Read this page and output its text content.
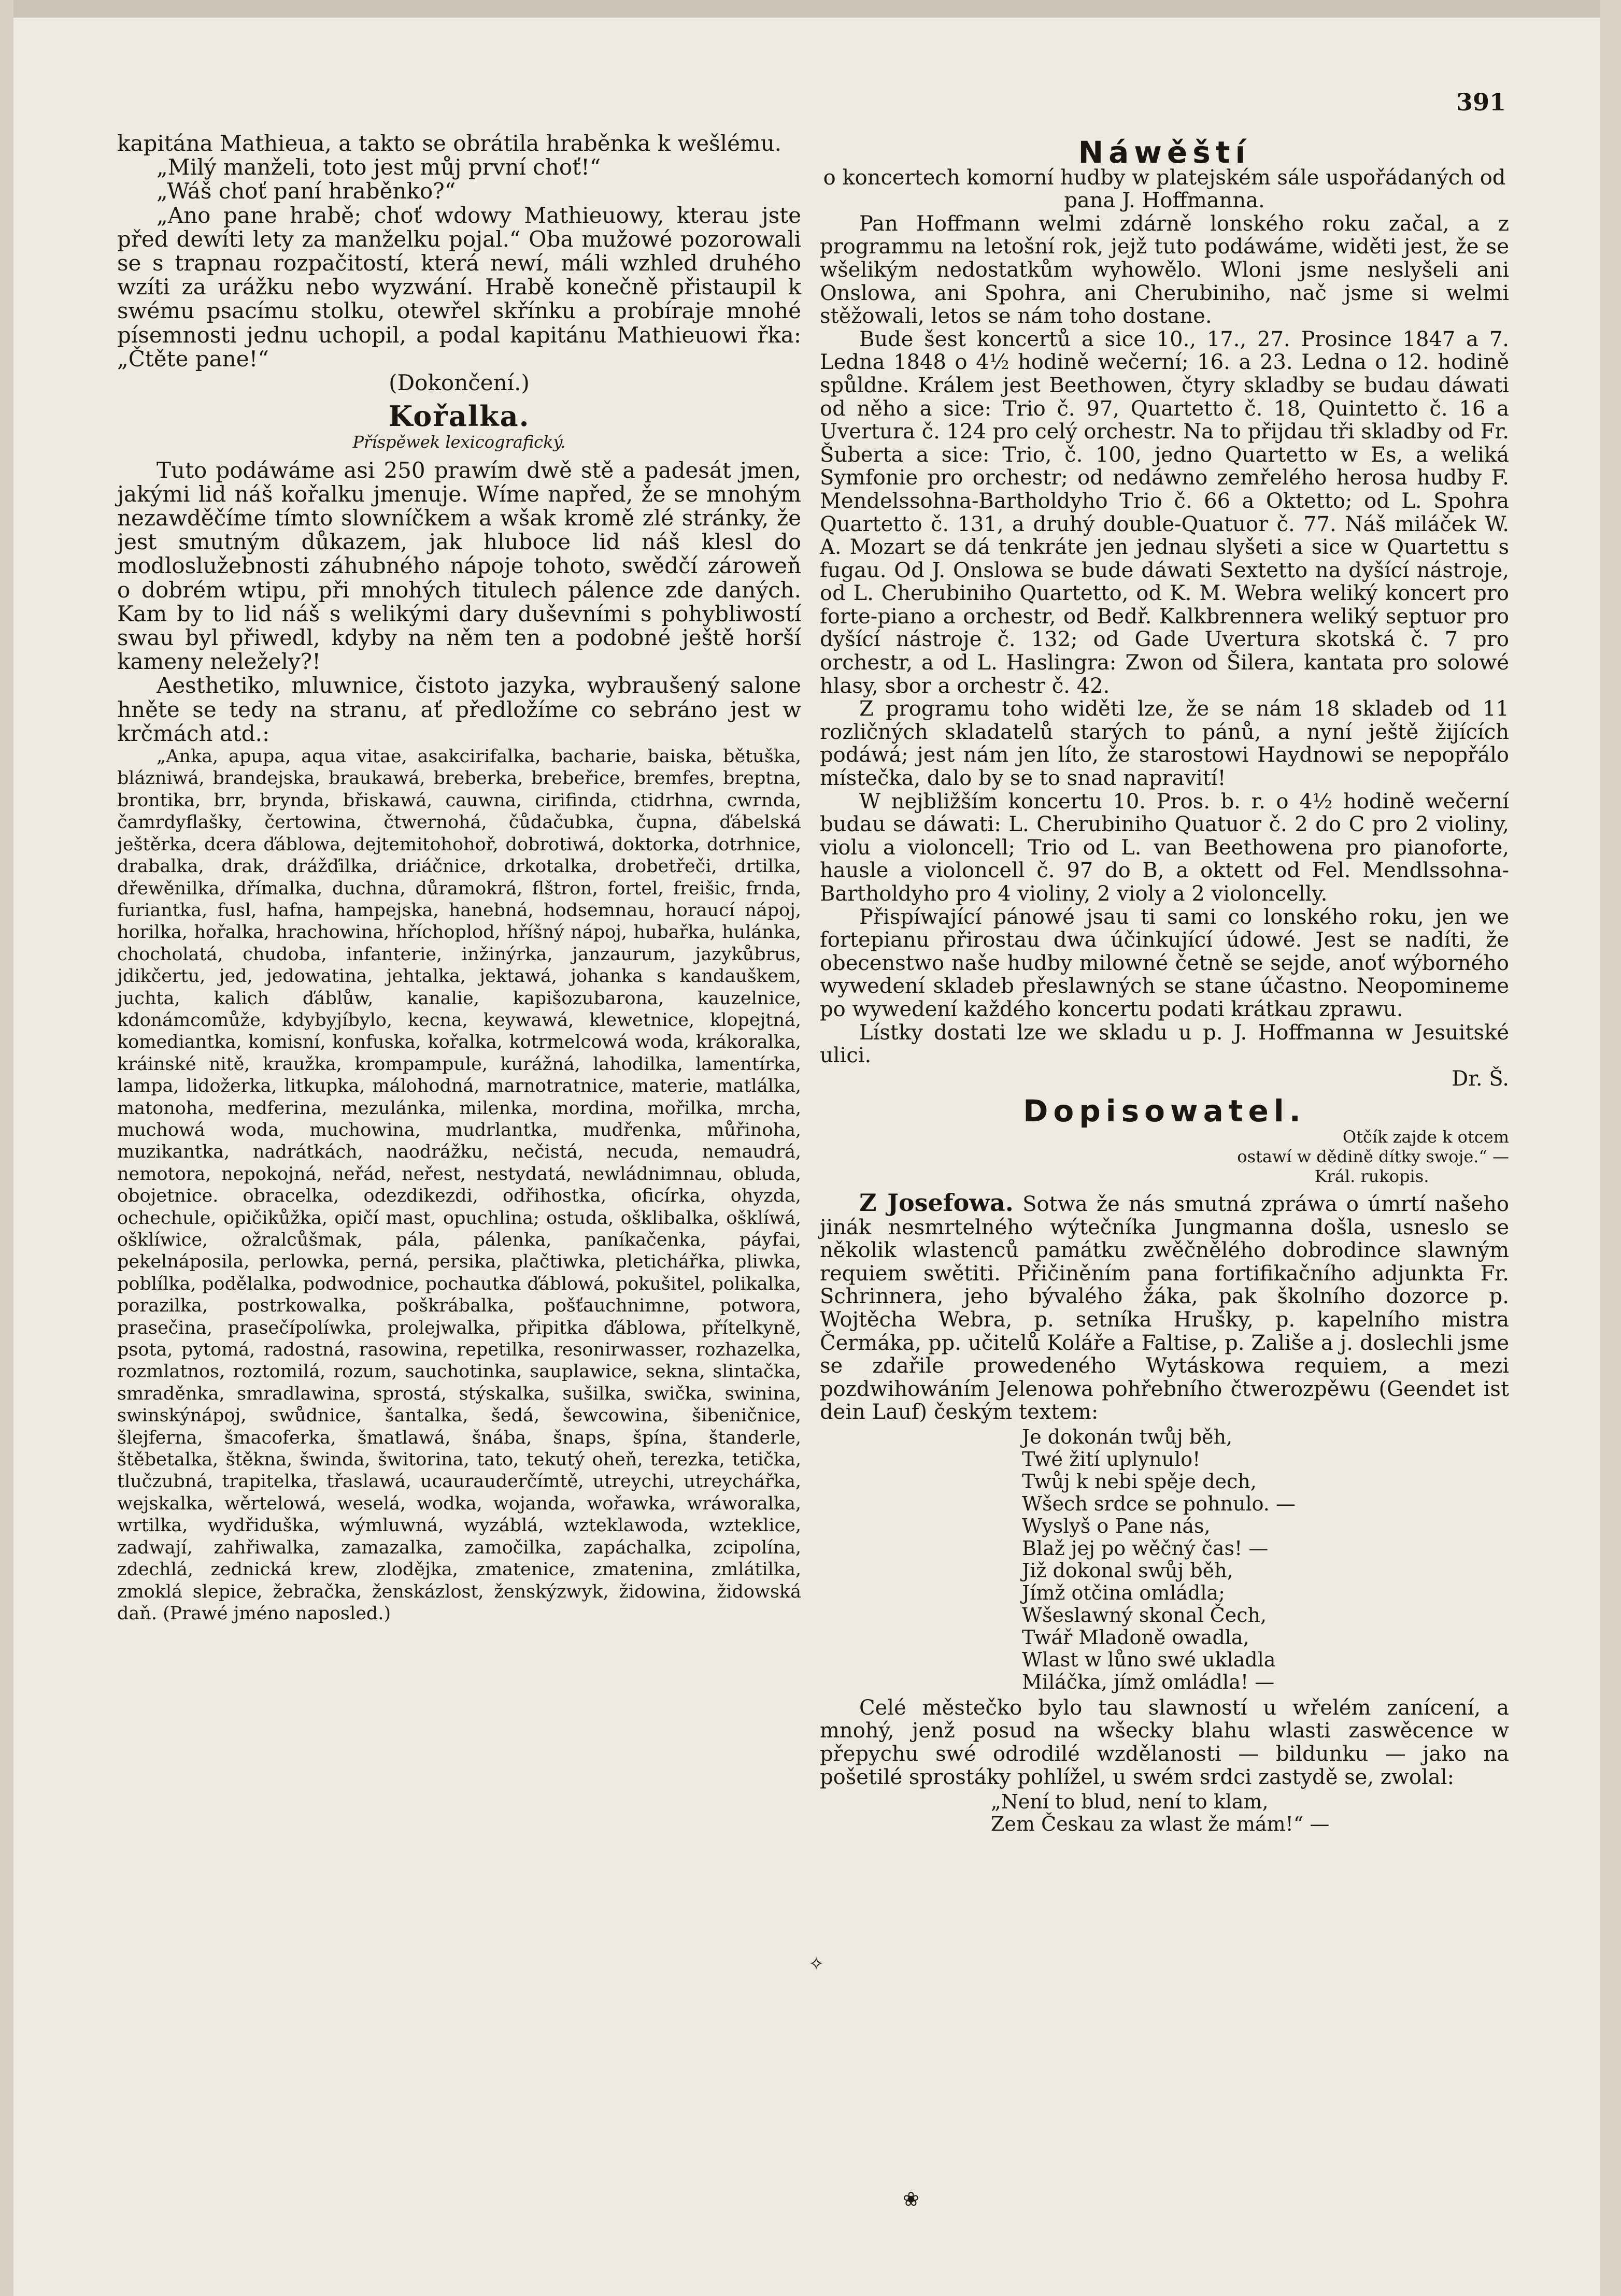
391

kapitána Mathieua, a takto se obrátila hraběnka k wešlému.

„Milý manželi, toto jest můj první choť!“

„Wáš choť paní hraběnko?“

„Ano pane hrabě; choť wdowy Mathieuowy, kterau jste před dewíti lety za manželku pojal.“ Oba mužowé pozorowali se s trapnau rozpačitostí, která newí, máli wzhled druhého wzíti za urážku nebo wyzwání. Hrabě konečně přistaupil k swému psacímu stolku, otewřel skřínku a probíraje mnohé písemnosti jednu uchopil, a podal kapitánu Mathieuowi řka: „Čtěte pane!“

(Dokončení.)

Kořalka.
Příspěwek lexicografický.

Tuto podáwáme asi 250 prawím dwě stě a padesát jmen, jakými lid náš kořalku jmenuje. Wíme napřed, že se mnohým nezawděčíme tímto slowníčkem a wšak kromě zlé stránky, že jest smutným důkazem, jak hluboce lid náš klesl do modloslužebnosti záhubného nápoje tohoto, swědčí zároweň o dobrém wtipu, při mnohých titulech pálence zde daných. Kam by to lid náš s welikými dary duševními s pohybliwostí swau byl přiwedl, kdyby na něm ten a podobné ještě horší kameny neležely?!

Aesthetiko, mluwnice, čistoto jazyka, wybraušený salone hněte se tedy na stranu, ať předložíme co sebráno jest w krčmách atd.:

„Anka, apupa, aqua vitae, asakcirifalka, bacharie, baiska, bětuška, blázniwá, brandejska, braukawá, breberka, brebeřice, bremfes, breptna, brontika, brr, brynda, břiskawá, cauwna, cirifinda, ctidrhna, cwrnda, čamrdyflašky, čertowina, čtwernohá, čůdačubka, čupna, ďábelská ještěrka, dcera ďáblowa, dejtemitohohoř, dobrotiwá, doktorka, dotrhnice, drabalka, drak, drážďilka, driáčnice, drkotalka, drobetřeči, drtilka, dřewěnilka, dřímalka, duchna, důramokrá, flštron, fortel, freišic, frnda, furiantka, fusl, hafna, hampejska, hanebná, hodsemnau, horaucí nápoj, horilka, hořalka, hrachowina, hříchoplod, hříšný nápoj, hubařka, hulánka, chocholatá, chudoba, infanterie, inžinýrka, janzaurum, jazykůbrus, jdikčertu, jed, jedowatina, jehtalka, jektawá, johanka s kandauškem, juchta, kalich ďáblůw, kanalie, kapišozubarona, kauzelnice, kdonámcomůže, kdybyjíbylo, kecna, keywawá, klewetnice, klopejtná, komediantka, komisní, konfuska, kořalka, kotrmelcowá woda, krákoralka, kráinské nitě, kraužka, krompampule, kurážná, lahodilka, lamentírka, lampa, lidožerka, litkupka, málohodná, marnotratnice, materie, matlálka, matonoha, medferina, mezulánka, milenka, mordina, mořilka, mrcha, muchowá woda, muchowina, mudrlantka, mudřenka, můřinoha, muzikantka, nadrátkách, naodrážku, nečistá, necuda, nemaudrá, nemotora, nepokojná, neřád, neřest, nestydatá, newládnimnau, obluda, obojetnice. obracelka, odezdikezdi, odřihostka, oficírka, ohyzda, ochechule, opičikůžka, opičí mast, opuchlina; ostuda, ošklibalka, ošklíwá, ošklíwice, ožralcůšmak, pála, pálenka, paníkačenka, páyfai, pekelnáposila, perlowka, perná, persika, plačtiwka, pletichářka, pliwka, poblílka, podělalka, podwodnice, pochautka ďáblowá, pokušitel, polikalka, porazilka, postrkowalka, poškrábalka, pošťauchnimne, potwora, prasečina, prasečípolíwka, prolejwalka, připitka ďáblowa, přítelkyně, psota, pytomá, radostná, rasowina, repetilka, resonirwasser, rozhazelka, rozmlatnos, roztomilá, rozum, sauchotinka, sauplawice, sekna, slintačka, smraděnka, smradlawina, sprostá, stýskalka, sušilka, swička, swinina, swinskýnápoj, swůdnice, šantalka, šedá, šewcowina, šibeničnice, šlejferna, šmacoferka, šmatlawá, šnába, šnaps, špína, štanderle, štěbetalka, štěkna, šwinda, šwitorina, tato, tekutý oheň, terezka, tetička, tlučzubná, trapitelka, třaslawá, ucaurauderčímtě, utreychi, utreychářka, wejskalka, wěrtelowá, weselá, wodka, wojanda, wořawka, wráworalka, wrtilka, wydřiduška, wýmluwná, wyzáblá, wzteklawoda, wzteklice, zadwají, zahřiwalka, zamazalka, zamočilka, zapáchalka, zcipolína, zdechlá, zednická krew, zlodějka, zmatenice, zmatenina, zmlátilka, zmoklá slepice, žebračka, ženskázlost, ženskýzwyk, židowina, židowská daň. (Prawé jméno naposled.)

Náwěští

o koncertech komorní hudby w platejském sále uspořádaných od pana J. Hoffmanna.

Pan Hoffmann welmi zdárně lonského roku začal, a z programmu na letošní rok, jejž tuto podáwáme, widěti jest, že se wšelikým nedostatkům wyhowělo. Wloni jsme neslyšeli ani Onslowa, ani Spohra, ani Cherubiniho, nač jsme si welmi stěžowali, letos se nám toho dostane.

Bude šest koncertů a sice 10., 17., 27. Prosince 1847 a 7. Ledna 1848 o 4½ hodině wečerní; 16. a 23. Ledna o 12. hodině spůldne. Králem jest Beethowen, čtyry skladby se budau dáwati od něho a sice: Trio č. 97, Quartetto č. 18, Quintetto č. 16 a Uvertura č. 124 pro celý orchestr. Na to přijdau tři skladby od Fr. Šuberta a sice: Trio, č. 100, jedno Quartetto w Es, a weliká Symfonie pro orchestr; od nedáwno zemřelého herosa hudby F. Mendelssohna-Bartholdyho Trio č. 66 a Oktetto; od L. Spohra Quartetto č. 131, a druhý double-Quatuor č. 77. Náš miláček W. A. Mozart se dá tenkráte jen jednau slyšeti a sice w Quartettu s fugau. Od J. Onslowa se bude dáwati Sextetto na dyšící nástroje, od L. Cherubiniho Quartetto, od K. M. Webra weliký koncert pro forte-piano a orchestr, od Bedř. Kalkbrennera weliký septuor pro dyšící nástroje č. 132; od Gade Uvertura skotská č. 7 pro orchestr, a od L. Haslingra: Zwon od Šilera, kantata pro solowé hlasy, sbor a orchestr č. 42.

Z programu toho widěti lze, že se nám 18 skladeb od 11 rozličných skladatelů starých to pánů, a nyní ještě žijících podáwá; jest nám jen líto, že starostowi Haydnowi se nepopřálo místečka, dalo by se to snad napravití!

W nejbližším koncertu 10. Pros. b. r. o 4½ hodině wečerní budau se dáwati: L. Cherubiniho Quatuor č. 2 do C pro 2 violiny, violu a violoncell; Trio od L. van Beethowena pro pianoforte, hausle a violoncell č. 97 do B, a oktett od Fel. Mendlssohna-Bartholdyho pro 4 violiny, 2 violy a 2 violoncelly.

Přispíwající pánowé jsau ti sami co lonského roku, jen we fortepianu přirostau dwa účinkující údowé. Jest se nadíti, že obecenstwo naše hudby milowné četně se sejde, anoť wýborného wywedení skladeb přeslawných se stane účastno. Neopomineme po wywedení každého koncertu podati krátkau zprawu.

Lístky dostati lze we skladu u p. J. Hoffmanna w Jesuitské ulici.

Dr. Š.

Dopisowatel.
Otčík zajde k otcem
ostawí w dědině dítky swoje.“ —
Král. rukopis.

Z Josefowa. Sotwa že nás smutná zpráwa o úmrtí našeho jinák nesmrtelného wýtečníka Jungmanna došla, usneslo se několik wlastenců památku zwěčnělého dobrodince slawným requiem swětiti. Přičiněním pana fortifikačního adjunkta Fr. Schrinnera, jeho bývalého žáka, pak školního dozorce p. Wojtěcha Webra, p. setníka Hrušky, p. kapelního mistra Čermáka, pp. učitelů Koláře a Faltise, p. Zališe a j. doslechli jsme se zdařile prowedeného Wytáskowa requiem, a mezi pozdwihowáním Jelenowa pohřebního čtwerozpěwu (Geendet ist dein Lauf) českým textem:

Je dokonán twůj běh,
Twé žití uplynulo!
Twůj k nebi spěje dech,
Wšech srdce se pohnulo. —
Wyslyš o Pane nás,
Blaž jej po wěčný čas! —
Již dokonal swůj běh,
Jímž otčina omládla;
Wšeslawný skonal Čech,
Twář Mladoně owadla,
Wlast w lůno swé ukladla
Miláčka, jímž omládla! —

Celé městečko bylo tau slawností u wřelém zanícení, a mnohý, jenž posud na wšecky blahu wlasti zaswěcence w přepychu swé odrodilé wzdělanosti — bildunku — jako na pošetilé sprostáky pohlížel, u swém srdci zastydě se, zwolal:

„Není to blud, není to klam,
Zem Českau za wlast že mám!“ —
✧
❀
